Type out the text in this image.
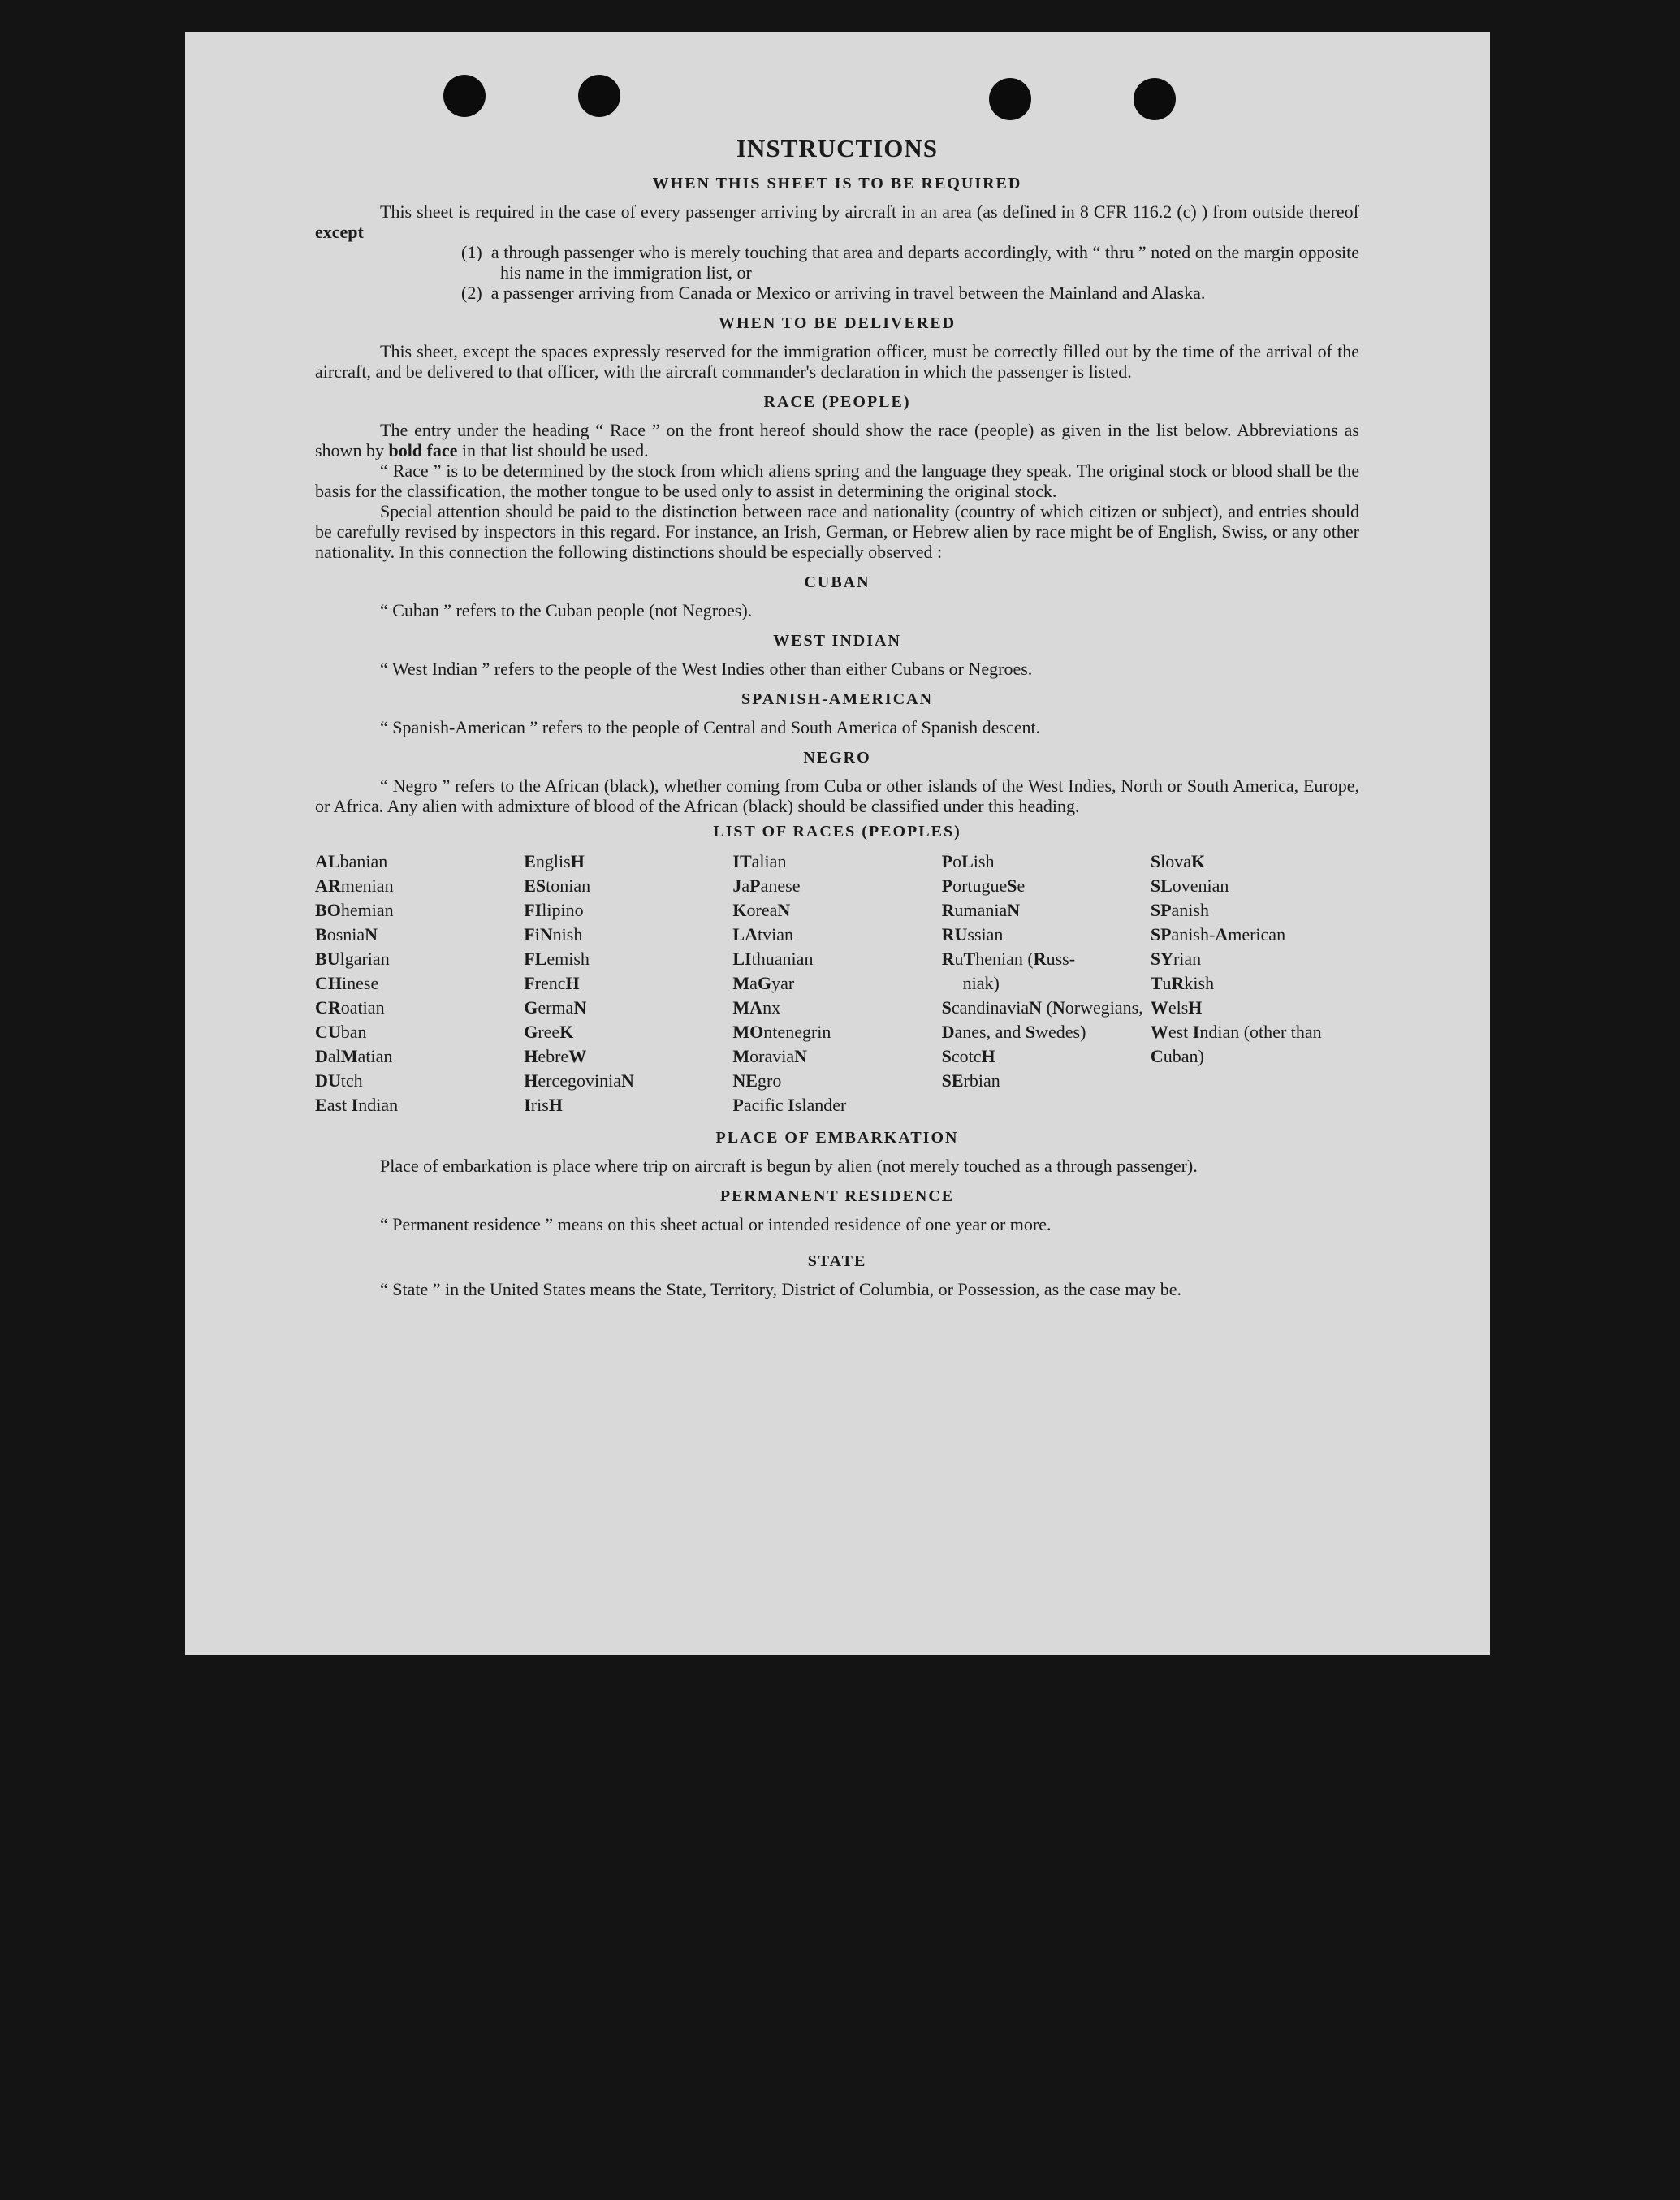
INSTRUCTIONS
WHEN THIS SHEET IS TO BE REQUIRED

This sheet is required in the case of every passenger arriving by aircraft in an area (as defined in 8 CFR 116.2 (c) ) from outside thereof except

(1) a through passenger who is merely touching that area and departs accordingly, with “ thru ” noted on the margin opposite his name in the immigration list, or
(2) a passenger arriving from Canada or Mexico or arriving in travel between the Mainland and Alaska.
WHEN TO BE DELIVERED

This sheet, except the spaces expressly reserved for the immigration officer, must be correctly filled out by the time of the arrival of the aircraft, and be delivered to that officer, with the aircraft commander's declaration in which the passenger is listed.

RACE (PEOPLE)

The entry under the heading “ Race ” on the front hereof should show the race (people) as given in the list below. Abbreviations as shown by bold face in that list should be used.

“ Race ” is to be determined by the stock from which aliens spring and the language they speak. The original stock or blood shall be the basis for the classification, the mother tongue to be used only to assist in determining the original stock.

Special attention should be paid to the distinction between race and nationality (country of which citizen or subject), and entries should be carefully revised by inspectors in this regard. For instance, an Irish, German, or Hebrew alien by race might be of English, Swiss, or any other nationality. In this connection the following distinctions should be especially observed :

CUBAN

“ Cuban ” refers to the Cuban people (not Negroes).

WEST INDIAN

“ West Indian ” refers to the people of the West Indies other than either Cubans or Negroes.

SPANISH-AMERICAN

“ Spanish-American ” refers to the people of Central and South America of Spanish descent.

NEGRO

“ Negro ” refers to the African (black), whether coming from Cuba or other islands of the West Indies, North or South America, Europe, or Africa. Any alien with admixture of blood of the African (black) should be classified under this heading.

LIST OF RACES (PEOPLES)
ALbanian
ARmenian
BOhemian
BosniaN
BUlgarian
CHinese
CRoatian
CUban
DalMatian
DUtch
East Indian
EnglisH
EStonian
FIlipino
FiNnish
FLemish
FrencH
GermaN
GreeK
HebreW
HercegoviniaN
IrisH
ITalian
JaPanese
KoreaN
LAtvian
LIthuanian
MaGyar
MAnx
MOntenegrin
MoraviaN
NEgro
Pacific Islander
PoLish
PortugueSe
RumaniaN
RUssian
RuThenian (Russ-
niak)
ScandinaviaN (Norwegians, Danes, and Swedes)
ScotcH
SErbian
SlovaK
SLovenian
SPanish
SPanish-American
SYrian
TuRkish
WelsH
West Indian (other than Cuban)
PLACE OF EMBARKATION

Place of embarkation is place where trip on aircraft is begun by alien (not merely touched as a through passenger).

PERMANENT RESIDENCE

“ Permanent residence ” means on this sheet actual or intended residence of one year or more.

STATE

“ State ” in the United States means the State, Territory, District of Columbia, or Possession, as the case may be.
